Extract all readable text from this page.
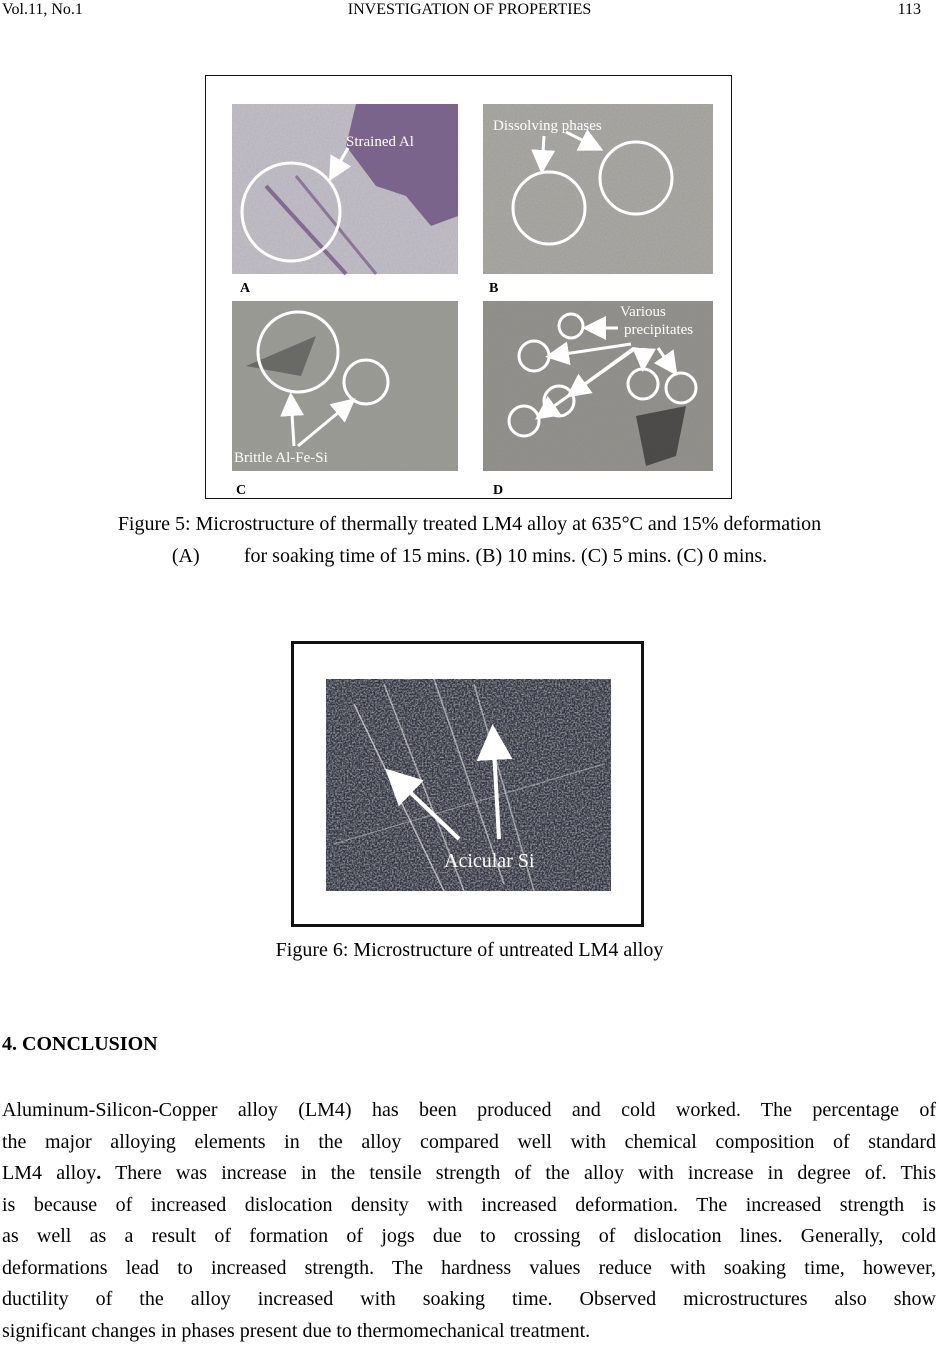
Vol.11, No.1	INVESTIGATION OF PROPERTIES	113
Strained Al
A
Dissolving phases
B
Brittle Al-Fe-Si
C
Various
precipitates
D
Figure 5: Microstructure of thermally treated LM4 alloy at 635°C and 15% deformation
(A) for soaking time of 15 mins. (B) 10 mins. (C) 5 mins. (C) 0 mins.
Acicular Si
Figure 6: Microstructure of untreated LM4 alloy
4. CONCLUSION
Aluminum-Silicon-Copper alloy (LM4) has been produced and cold worked. The percentage of
the major alloying elements in the alloy compared well with chemical composition of standard
LM4 alloy. There was increase in the tensile strength of the alloy with increase in degree of. This
is because of increased dislocation density with increased deformation. The increased strength is
as well as a result of formation of jogs due to crossing of dislocation lines. Generally, cold
deformations lead to increased strength. The hardness values reduce with soaking time, however,
ductility of the alloy increased with soaking time. Observed microstructures also show
significant changes in phases present due to thermomechanical treatment.
